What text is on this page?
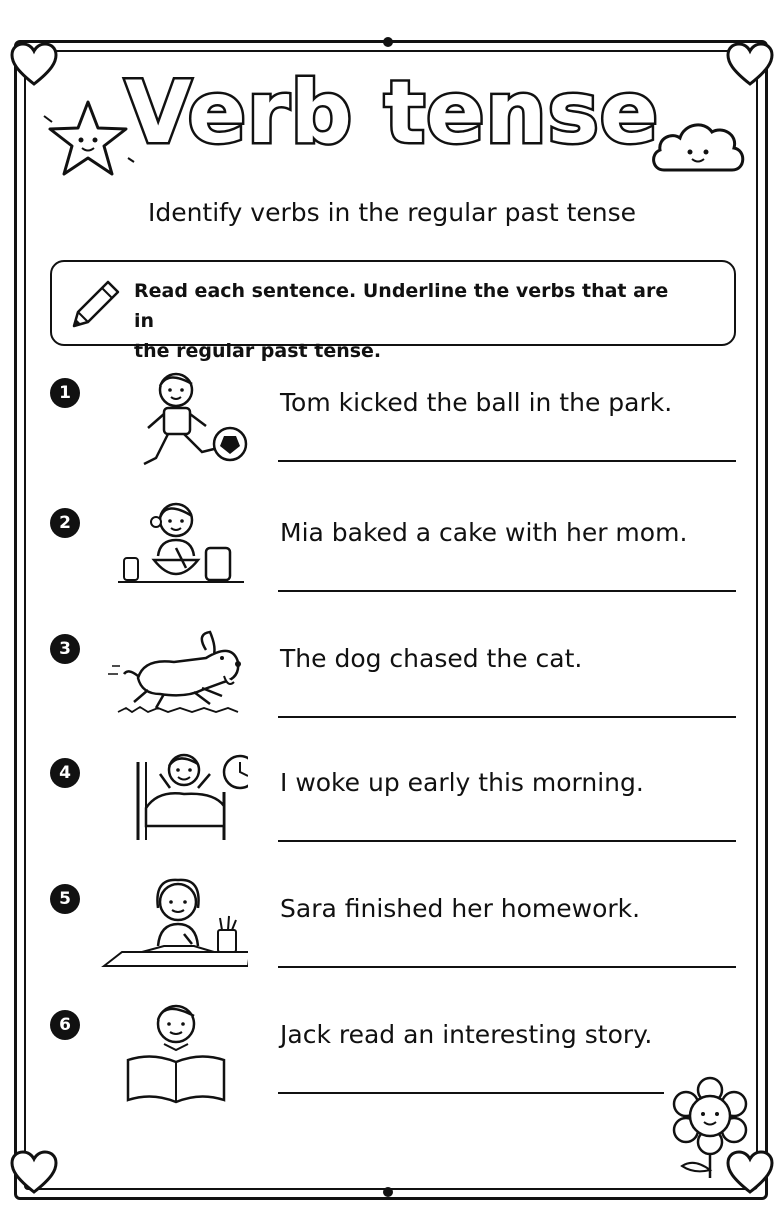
Verb tense
Identify verbs in the regular past tense
Read each sentence. Underline the verbs that are in
the regular past tense.
1	Tom kicked the ball in the park.
2	Mia baked a cake with her mom.
3	The dog chased the cat.
4	I woke up early this morning.
5	Sara finished her homework.
6	Jack read an interesting story.
